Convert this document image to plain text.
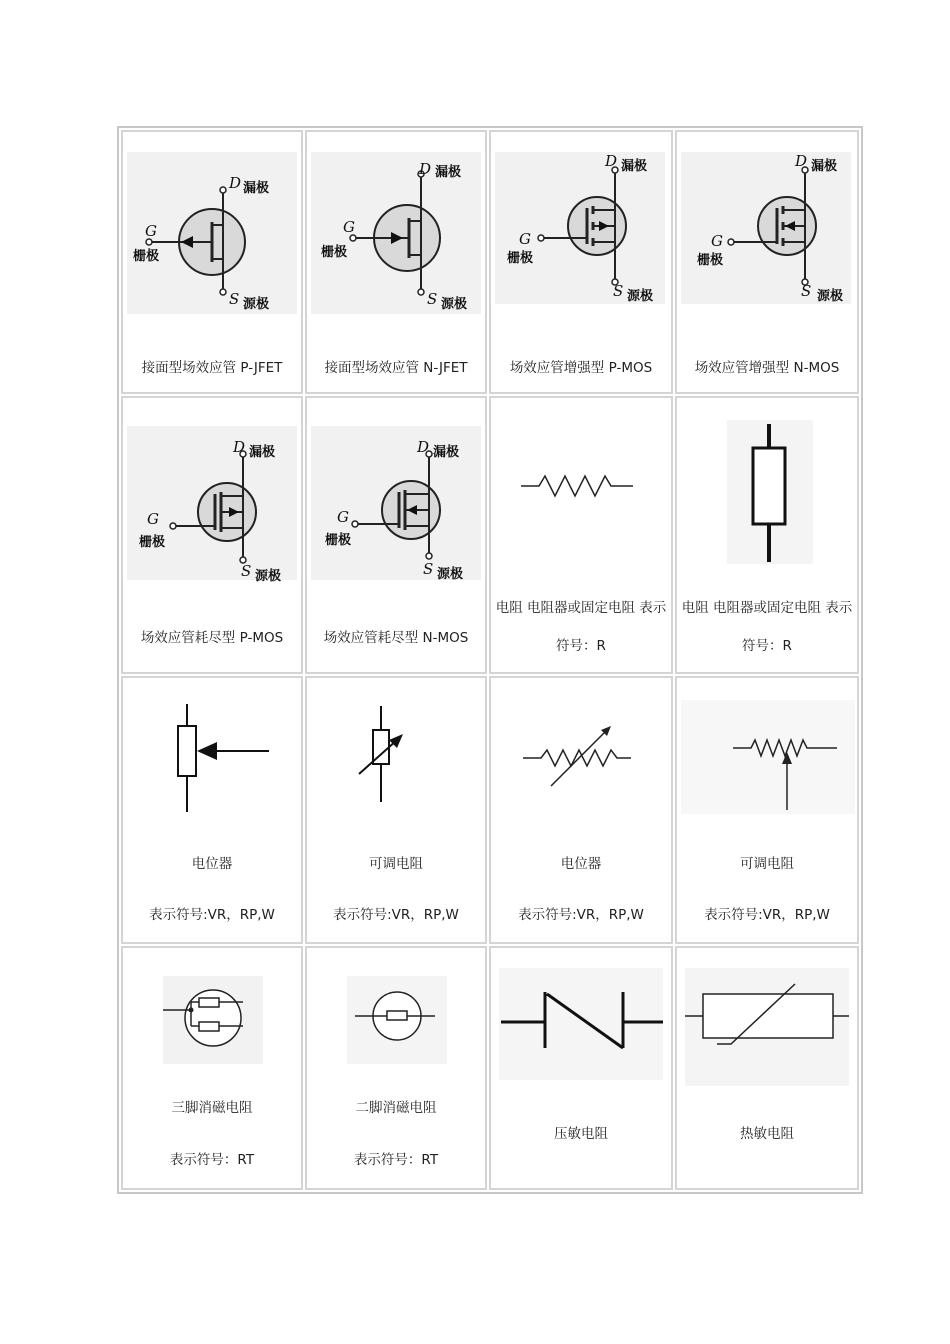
D 漏极
G
栅极
S 源极
接面型场效应管 P-JFET
D 漏极
G
栅极
S 源极
接面型场效应管 N-JFET
D 漏极
G
栅极
S 源极
场效应管增强型 P-MOS
D 漏极
G
栅极
S 源极
场效应管增强型 N-MOS
D 漏极
G
栅极
S 源极
场效应管耗尽型 P-MOS
D 漏极
G
栅极
S 源极
场效应管耗尽型 N-MOS
电阻 电阻器或固定电阻 表示
符号：R
电阻 电阻器或固定电阻 表示
符号：R
电位器
表示符号:VR，RP,W
可调电阻
表示符号:VR，RP,W
电位器
表示符号:VR，RP,W
可调电阻
表示符号:VR，RP,W
三脚消磁电阻
表示符号：RT
二脚消磁电阻
表示符号：RT
压敏电阻	热敏电阻
